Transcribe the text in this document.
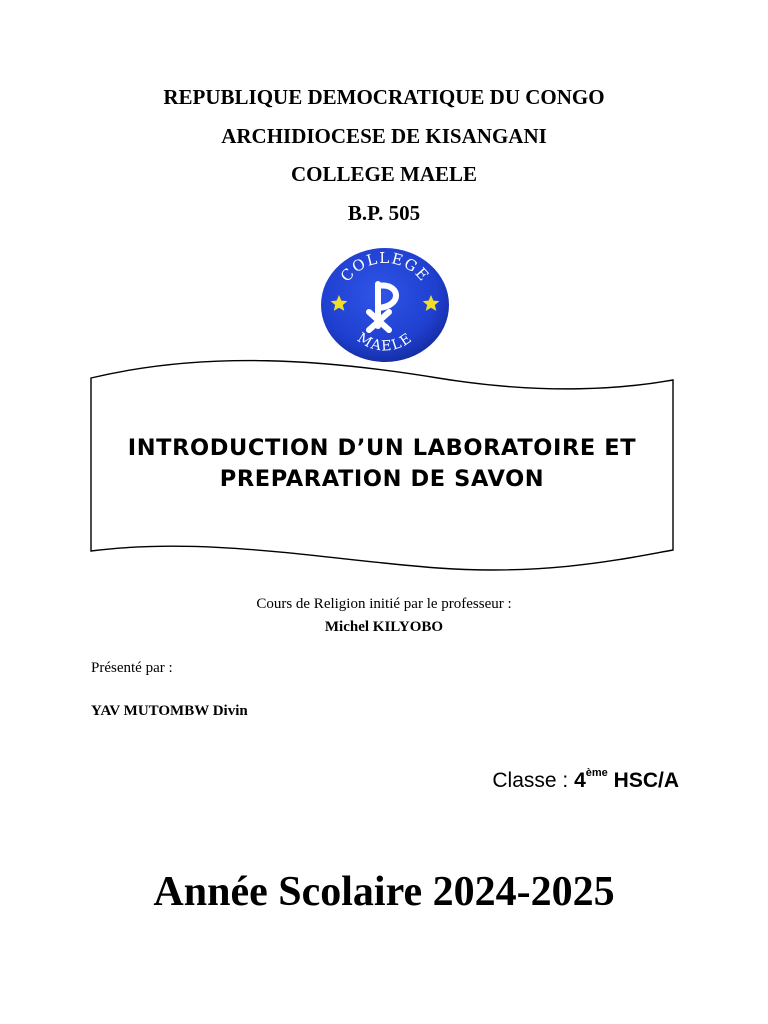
REPUBLIQUE DEMOCRATIQUE DU CONGO
ARCHIDIOCESE DE KISANGANI
COLLEGE MAELE
B.P. 505
COLLEGE
MAELE
INTRODUCTION D’UN LABORATOIRE ET
PREPARATION DE SAVON
Cours de Religion initié par le professeur :
Michel KILYOBO
Présenté par :
YAV MUTOMBW Divin
Classe : 4ème HSC/A
Année Scolaire 2024-2025
